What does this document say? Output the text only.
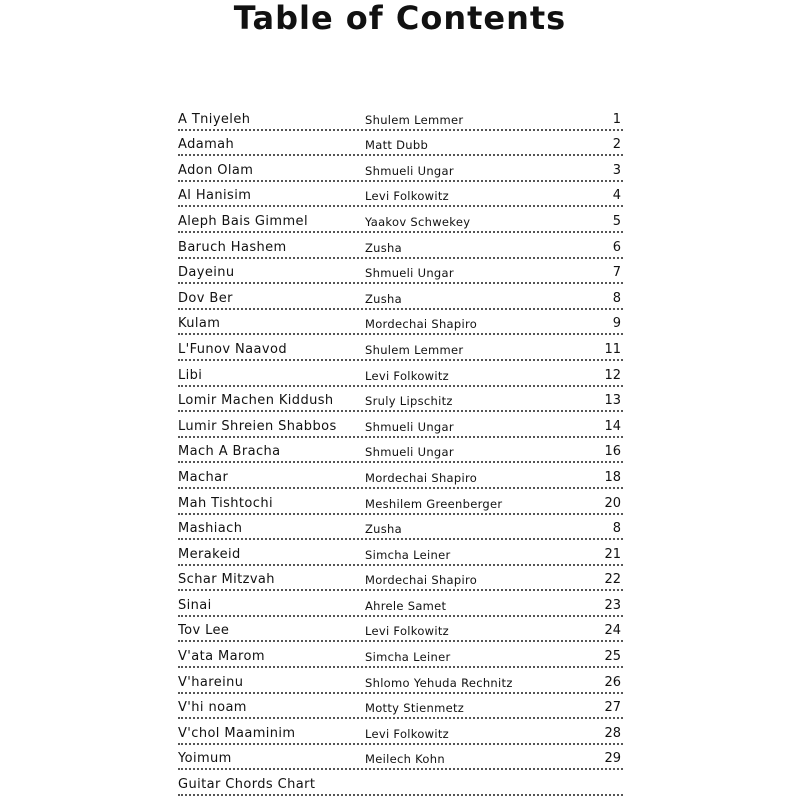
Table of Contents
A Tniyeleh	Shulem Lemmer	1
Adamah	Matt Dubb	2
Adon Olam	Shmueli Ungar	3
Al Hanisim	Levi Folkowitz	4
Aleph Bais Gimmel	Yaakov Schwekey	5
Baruch Hashem	Zusha	6
Dayeinu	Shmueli Ungar	7
Dov Ber	Zusha	8
Kulam	Mordechai Shapiro	9
L'Funov Naavod	Shulem Lemmer	11
Libi	Levi Folkowitz	12
Lomir Machen Kiddush	Sruly Lipschitz	13
Lumir Shreien Shabbos	Shmueli Ungar	14
Mach A Bracha	Shmueli Ungar	16
Machar	Mordechai Shapiro	18
Mah Tishtochi	Meshilem Greenberger	20
Mashiach	Zusha	8
Merakeid	Simcha Leiner	21
Schar Mitzvah	Mordechai Shapiro	22
Sinai	Ahrele Samet	23
Tov Lee	Levi Folkowitz	24
V'ata Marom	Simcha Leiner	25
V'hareinu	Shlomo Yehuda Rechnitz	26
V'hi noam	Motty Stienmetz	27
V'chol Maaminim	Levi Folkowitz	28
Yoimum	Meilech Kohn	29
Guitar Chords Chart
